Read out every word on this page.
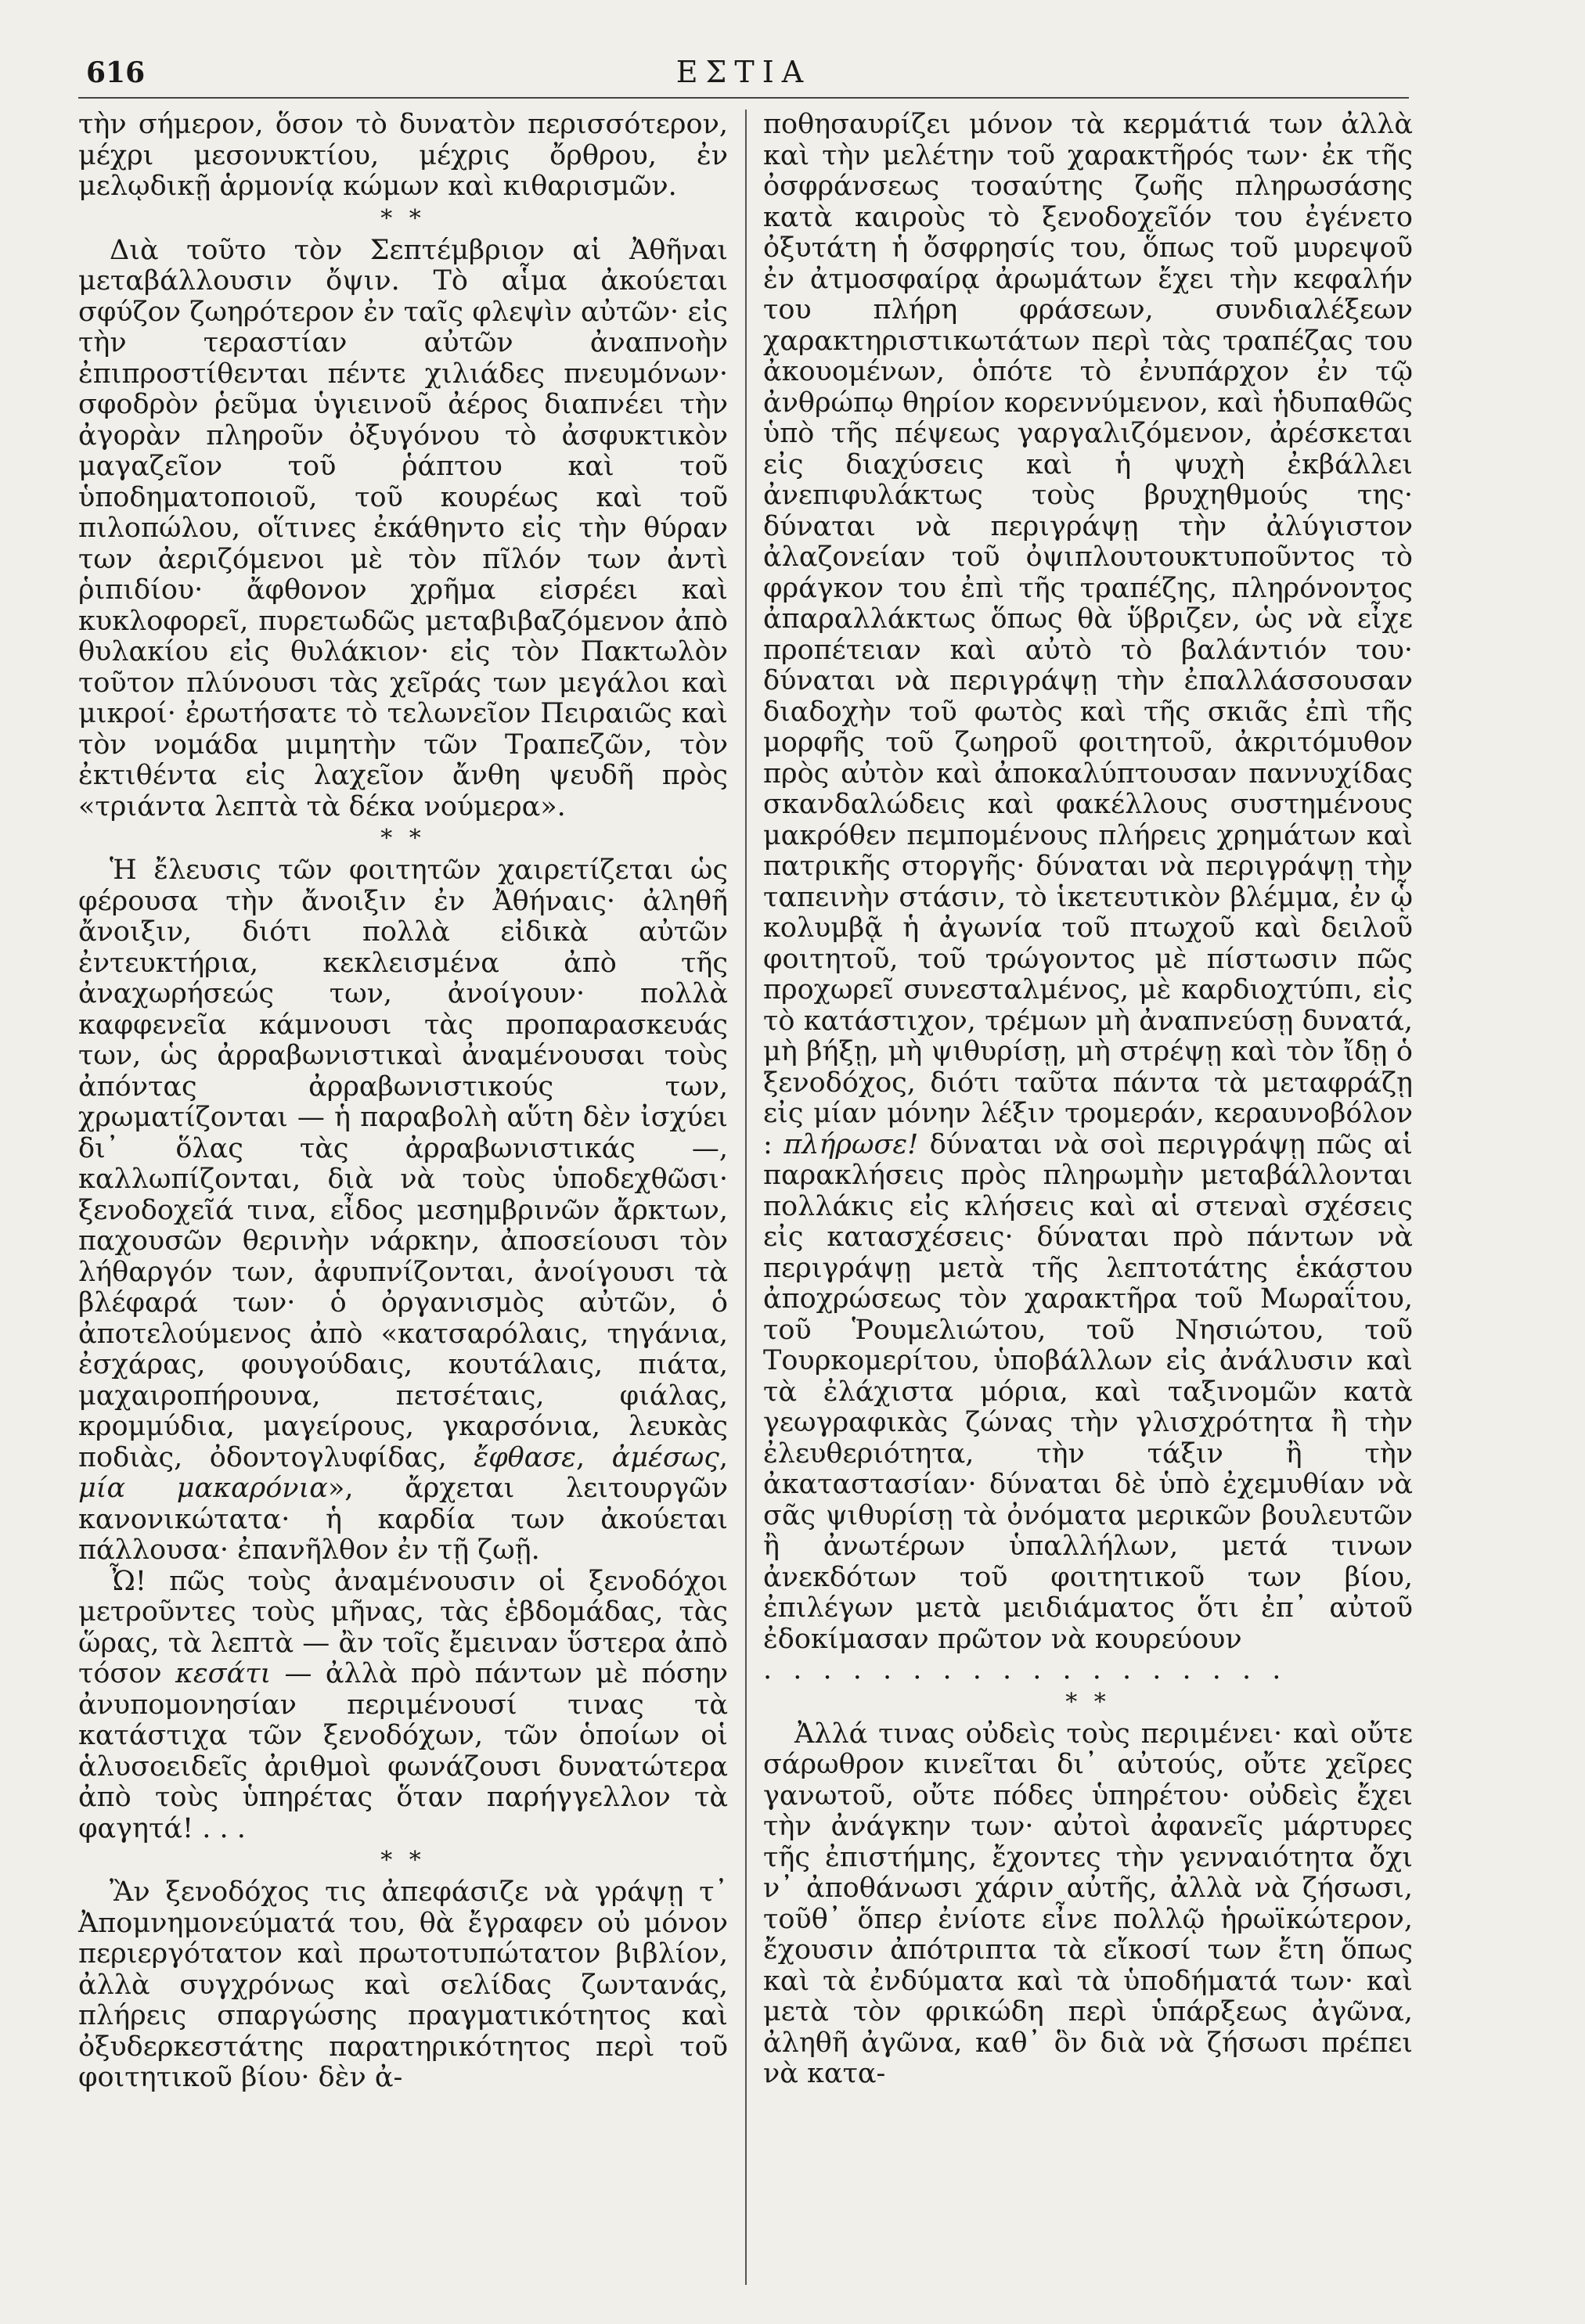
616	ΕΣΤΙΑ

τὴν σήμερον, ὅσον τὸ δυνατὸν περισσότερον, μέχρι μεσονυκτίου, μέχρις ὄρθρου, ἐν μελῳδικῇ ἁρμονίᾳ κώμων καὶ κιθαρισμῶν.

* *

Διὰ τοῦτο τὸν Σεπτέμβριον αἱ Ἀθῆναι μεταβάλλουσιν ὄψιν. Τὸ αἷμα ἀκούεται σφύζον ζωηρότερον ἐν ταῖς φλεψὶν αὐτῶν· εἰς τὴν τεραστίαν αὐτῶν ἀναπνοὴν ἐπιπροστίθενται πέντε χιλιάδες πνευμόνων· σφοδρὸν ῥεῦμα ὑγιεινοῦ ἀέρος διαπνέει τὴν ἀγορὰν πληροῦν ὀξυγόνου τὸ ἀσφυκτικὸν μαγαζεῖον τοῦ ῥάπτου καὶ τοῦ ὑποδηματοποιοῦ, τοῦ κουρέως καὶ τοῦ πιλοπώλου, οἵτινες ἐκάθηντο εἰς τὴν θύραν των ἀεριζόμενοι μὲ τὸν πῖλόν των ἀντὶ ῥιπιδίου· ἄφθονον χρῆμα εἰσρέει καὶ κυκλοφορεῖ, πυρετωδῶς μεταβιβαζόμενον ἀπὸ θυλακίου εἰς θυλάκιον· εἰς τὸν Πακτωλὸν τοῦτον πλύνουσι τὰς χεῖράς των μεγάλοι καὶ μικροί· ἐρωτήσατε τὸ τελωνεῖον Πειραιῶς καὶ τὸν νομάδα μιμητὴν τῶν Τραπεζῶν, τὸν ἐκτιθέντα εἰς λαχεῖον ἄνθη ψευδῆ πρὸς «τριάντα λεπτὰ τὰ δέκα νούμερα».

* *

Ἡ ἔλευσις τῶν φοιτητῶν χαιρετίζεται ὡς φέρουσα τὴν ἄνοιξιν ἐν Ἀθήναις· ἀληθῆ ἄνοιξιν, διότι πολλὰ εἰδικὰ αὐτῶν ἐντευκτήρια, κεκλεισμένα ἀπὸ τῆς ἀναχωρήσεώς των, ἀνοίγουν· πολλὰ καφφενεῖα κάμνουσι τὰς προπαρασκευάς των, ὡς ἀρραβωνιστικαὶ ἀναμένουσαι τοὺς ἀπόντας ἀρραβωνιστικούς των, χρωματίζονται — ἡ παραβολὴ αὕτη δὲν ἰσχύει δι᾽ ὅλας τὰς ἀρραβωνιστικάς —, καλλωπίζονται, διὰ νὰ τοὺς ὑποδεχθῶσι· ξενοδοχεῖά τινα, εἶδος μεσημβρινῶν ἄρκτων, παχουσῶν θερινὴν νάρκην, ἀποσείουσι τὸν λήθαργόν των, ἀφυπνίζονται, ἀνοίγουσι τὰ βλέφαρά των· ὁ ὀργανισμὸς αὐτῶν, ὁ ἀποτελούμενος ἀπὸ «κατσαρόλαις, τηγάνια, ἐσχάρας, φουγούδαις, κουτάλαις, πιάτα, μαχαιροπήρουνα, πετσέταις, φιάλας, κρομμύδια, μαγείρους, γκαρσόνια, λευκὰς ποδιὰς, ὀδοντογλυφίδας, ἔφθασε, ἀμέσως, μία μακαρόνια», ἄρχεται λειτουργῶν κανονικώτατα· ἡ καρδία των ἀκούεται πάλλουσα· ἐπανῆλθον ἐν τῇ ζωῇ.

Ὦ! πῶς τοὺς ἀναμένουσιν οἱ ξενοδόχοι μετροῦντες τοὺς μῆνας, τὰς ἑβδομάδας, τὰς ὥρας, τὰ λεπτὰ — ἂν τοῖς ἔμειναν ὕστερα ἀπὸ τόσον κεσάτι — ἀλλὰ πρὸ πάντων μὲ πόσην ἀνυπομονησίαν περιμένουσί τινας τὰ κατάστιχα τῶν ξενοδόχων, τῶν ὁποίων οἱ ἁλυσοειδεῖς ἀριθμοὶ φωνάζουσι δυνατώτερα ἀπὸ τοὺς ὑπηρέτας ὅταν παρήγγελλον τὰ φαγητά! . . .

* *

Ἂν ξενοδόχος τις ἀπεφάσιζε νὰ γράψῃ τ᾽ Ἀπομνημονεύματά του, θὰ ἔγραφεν οὐ μόνον περιεργότατον καὶ πρωτοτυπώτατον βιβλίον, ἀλλὰ συγχρόνως καὶ σελίδας ζωντανάς, πλήρεις σπαργώσης πραγματικότητος καὶ ὀξυδερκεστάτης παρατηρικότητος περὶ τοῦ φοιτητικοῦ βίου· δὲν ἀ-

ποθησαυρίζει μόνον τὰ κερμάτιά των ἀλλὰ καὶ τὴν μελέτην τοῦ χαρακτῆρός των· ἐκ τῆς ὀσφράνσεως τοσαύτης ζωῆς πληρωσάσης κατὰ καιροὺς τὸ ξενοδοχεῖόν του ἐγένετο ὀξυτάτη ἡ ὄσφρησίς του, ὅπως τοῦ μυρεψοῦ ἐν ἀτμοσφαίρᾳ ἀρωμάτων ἔχει τὴν κεφαλήν του πλήρη φράσεων, συνδιαλέξεων χαρακτηριστικωτάτων περὶ τὰς τραπέζας του ἀκουομένων, ὁπότε τὸ ἐνυπάρχον ἐν τῷ ἀνθρώπῳ θηρίον κορεννύμενον, καὶ ἡδυπαθῶς ὑπὸ τῆς πέψεως γαργαλιζόμενον, ἀρέσκεται εἰς διαχύσεις καὶ ἡ ψυχὴ ἐκβάλλει ἀνεπιφυλάκτως τοὺς βρυχηθμούς της· δύναται νὰ περιγράψῃ τὴν ἀλύγιστον ἀλαζονείαν τοῦ ὀψιπλουτουκτυποῦντος τὸ φράγκον του ἐπὶ τῆς τραπέζης, πληρόνοντος ἀπαραλλάκτως ὅπως θὰ ὕβριζεν, ὡς νὰ εἶχε προπέτειαν καὶ αὐτὸ τὸ βαλάντιόν του· δύναται νὰ περιγράψῃ τὴν ἐπαλλάσσουσαν διαδοχὴν τοῦ φωτὸς καὶ τῆς σκιᾶς ἐπὶ τῆς μορφῆς τοῦ ζωηροῦ φοιτητοῦ, ἀκριτόμυθον πρὸς αὐτὸν καὶ ἀποκαλύπτουσαν παννυχίδας σκανδαλώδεις καὶ φακέλλους συστημένους μακρόθεν πεμπομένους πλήρεις χρημάτων καὶ πατρικῆς στοργῆς· δύναται νὰ περιγράψῃ τὴν ταπεινὴν στάσιν, τὸ ἱκετευτικὸν βλέμμα, ἐν ᾧ κολυμβᾷ ἡ ἀγωνία τοῦ πτωχοῦ καὶ δειλοῦ φοιτητοῦ, τοῦ τρώγοντος μὲ πίστωσιν πῶς προχωρεῖ συνεσταλμένος, μὲ καρδιοχτύπι, εἰς τὸ κατάστιχον, τρέμων μὴ ἀναπνεύσῃ δυνατά, μὴ βήξῃ, μὴ ψιθυρίσῃ, μὴ στρέψῃ καὶ τὸν ἴδῃ ὁ ξενοδόχος, διότι ταῦτα πάντα τὰ μεταφράζῃ εἰς μίαν μόνην λέξιν τρομεράν, κεραυνοβόλον : πλήρωσε! δύναται νὰ σοὶ περιγράψῃ πῶς αἱ παρακλήσεις πρὸς πληρωμὴν μεταβάλλονται πολλάκις εἰς κλήσεις καὶ αἱ στεναὶ σχέσεις εἰς κατασχέσεις· δύναται πρὸ πάντων νὰ περιγράψῃ μετὰ τῆς λεπτοτάτης ἑκάστου ἀποχρώσεως τὸν χαρακτῆρα τοῦ Μωραΐτου, τοῦ Ῥουμελιώτου, τοῦ Νησιώτου, τοῦ Τουρκομερίτου, ὑποβάλλων εἰς ἀνάλυσιν καὶ τὰ ἐλάχιστα μόρια, καὶ ταξινομῶν κατὰ γεωγραφικὰς ζώνας τὴν γλισχρότητα ἢ τὴν ἐλευθεριότητα, τὴν τάξιν ἢ τὴν ἀκαταστασίαν· δύναται δὲ ὑπὸ ἐχεμυθίαν νὰ σᾶς ψιθυρίσῃ τὰ ὀνόματα μερικῶν βουλευτῶν ἢ ἀνωτέρων ὑπαλλήλων, μετά τινων ἀνεκδότων τοῦ φοιτητικοῦ των βίου, ἐπιλέγων μετὰ μειδιάματος ὅτι ἐπ᾽ αὐτοῦ ἐδοκίμασαν πρῶτον νὰ κουρεύουν

. . . . . . . . . . . . . . . . . .

* *

Ἀλλά τινας οὐδεὶς τοὺς περιμένει· καὶ οὔτε σάρωθρον κινεῖται δι᾽ αὐτούς, οὔτε χεῖρες γανωτοῦ, οὔτε πόδες ὑπηρέτου· οὐδεὶς ἔχει τὴν ἀνάγκην των· αὐτοὶ ἀφανεῖς μάρτυρες τῆς ἐπιστήμης, ἔχοντες τὴν γενναιότητα ὄχι ν᾽ ἀποθάνωσι χάριν αὐτῆς, ἀλλὰ νὰ ζήσωσι, τοῦθ᾽ ὅπερ ἐνίοτε εἶνε πολλῷ ἡρωϊκώτερον, ἔχουσιν ἀπότριπτα τὰ εἴκοσί των ἔτη ὅπως καὶ τὰ ἐνδύματα καὶ τὰ ὑποδήματά των· καὶ μετὰ τὸν φρικώδη περὶ ὑπάρξεως ἀγῶνα, ἀληθῆ ἀγῶνα, καθ᾽ ὃν διὰ νὰ ζήσωσι πρέπει νὰ κατα-
